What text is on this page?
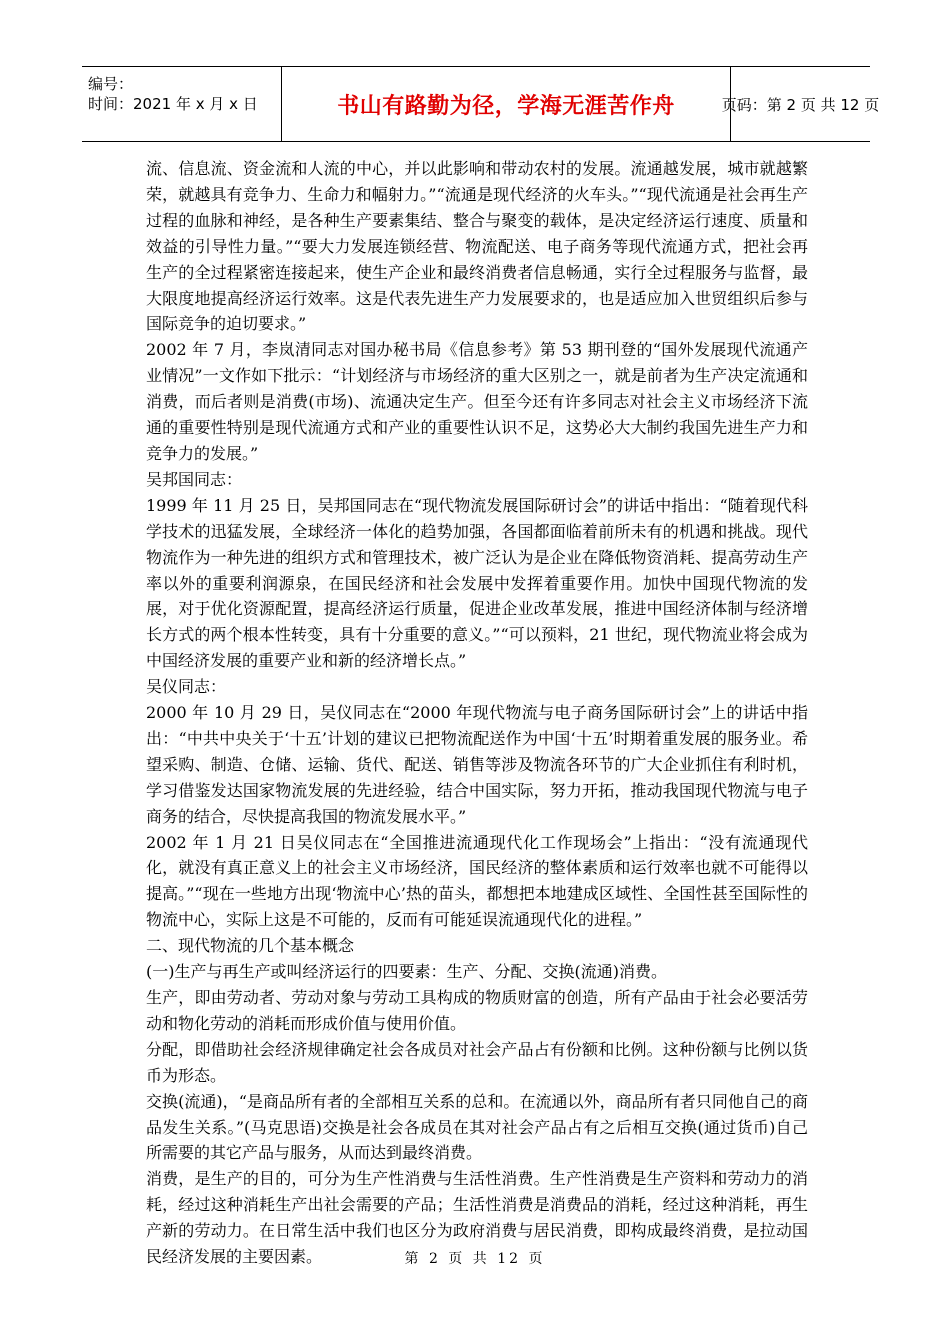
编号：
时间：2021 年 x 月 x 日	书山有路勤为径，学海无涯苦作舟	页码：第 2 页 共 12 页

流、信息流、资金流和人流的中心，并以此影响和带动农村的发展。流通越发展，城市就越繁荣，就越具有竞争力、生命力和幅射力。”“流通是现代经济的火车头。”“现代流通是社会再生产过程的血脉和神经，是各种生产要素集结、整合与聚变的载体，是决定经济运行速度、质量和效益的引导性力量。”“要大力发展连锁经营、物流配送、电子商务等现代流通方式，把社会再生产的全过程紧密连接起来，使生产企业和最终消费者信息畅通，实行全过程服务与监督，最大限度地提高经济运行效率。这是代表先进生产力发展要求的，也是适应加入世贸组织后参与国际竞争的迫切要求。”

2002 年 7 月，李岚清同志对国办秘书局《信息参考》第 53 期刊登的“国外发展现代流通产业情况”一文作如下批示：“计划经济与市场经济的重大区别之一，就是前者为生产决定流通和消费，而后者则是消费(市场)、流通决定生产。但至今还有许多同志对社会主义市场经济下流通的重要性特别是现代流通方式和产业的重要性认识不足，这势必大大制约我国先进生产力和竞争力的发展。”

吴邦国同志：

1999 年 11 月 25 日，吴邦国同志在“现代物流发展国际研讨会”的讲话中指出：“随着现代科学技术的迅猛发展，全球经济一体化的趋势加强，各国都面临着前所未有的机遇和挑战。现代物流作为一种先进的组织方式和管理技术，被广泛认为是企业在降低物资消耗、提高劳动生产率以外的重要利润源泉，在国民经济和社会发展中发挥着重要作用。加快中国现代物流的发展，对于优化资源配置，提高经济运行质量，促进企业改革发展，推进中国经济体制与经济增长方式的两个根本性转变，具有十分重要的意义。”“可以预料，21 世纪，现代物流业将会成为中国经济发展的重要产业和新的经济增长点。”

吴仪同志：

2000 年 10 月 29 日，吴仪同志在“2000 年现代物流与电子商务国际研讨会”上的讲话中指出：“中共中央关于‘十五’计划的建议已把物流配送作为中国‘十五’时期着重发展的服务业。希望采购、制造、仓储、运输、货代、配送、销售等涉及物流各环节的广大企业抓住有利时机，学习借鉴发达国家物流发展的先进经验，结合中国实际，努力开拓，推动我国现代物流与电子商务的结合，尽快提高我国的物流发展水平。”

2002 年 1 月 21 日吴仪同志在“全国推进流通现代化工作现场会”上指出：“没有流通现代化，就没有真正意义上的社会主义市场经济，国民经济的整体素质和运行效率也就不可能得以提高。”“现在一些地方出现‘物流中心’热的苗头，都想把本地建成区域性、全国性甚至国际性的物流中心，实际上这是不可能的，反而有可能延误流通现代化的进程。”

二、现代物流的几个基本概念

(一)生产与再生产或叫经济运行的四要素：生产、分配、交换(流通)消费。

生产，即由劳动者、劳动对象与劳动工具构成的物质财富的创造，所有产品由于社会必要活劳动和物化劳动的消耗而形成价值与使用价值。

分配，即借助社会经济规律确定社会各成员对社会产品占有份额和比例。这种份额与比例以货币为形态。

交换(流通)，“是商品所有者的全部相互关系的总和。在流通以外，商品所有者只同他自己的商品发生关系。”(马克思语)交换是社会各成员在其对社会产品占有之后相互交换(通过货币)自己所需要的其它产品与服务，从而达到最终消费。

消费，是生产的目的，可分为生产性消费与生活性消费。生产性消费是生产资料和劳动力的消耗，经过这种消耗生产出社会需要的产品；生活性消费是消费品的消耗，经过这种消耗，再生产新的劳动力。在日常生活中我们也区分为政府消费与居民消费，即构成最终消费，是拉动国民经济发展的主要因素。	第 2 页 共 12 页
